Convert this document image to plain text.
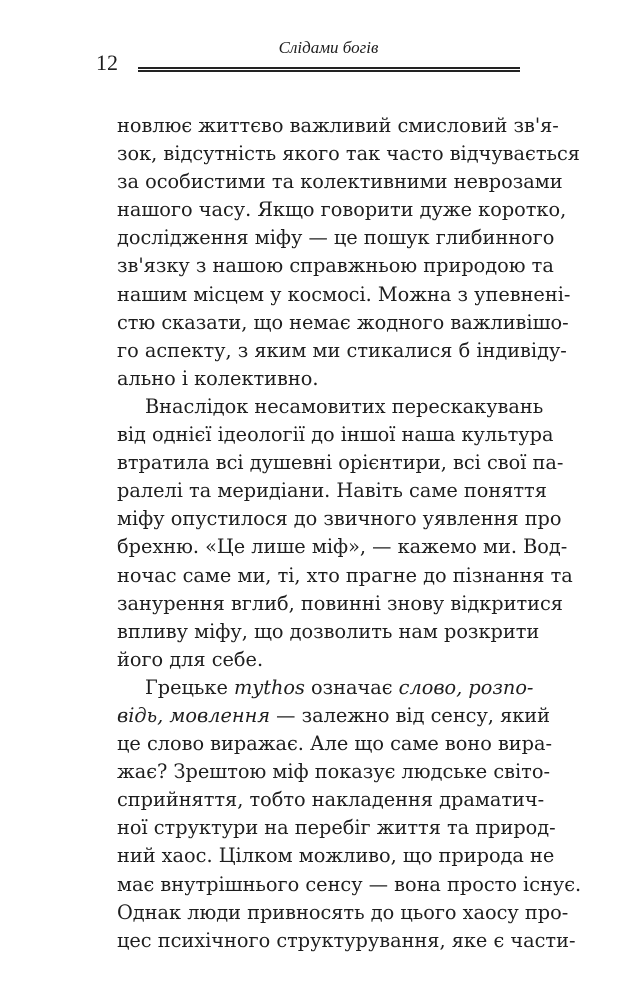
12
Слідами богів
новлює життєво важливий смисловий зв'я-
зок, відсутність якого так часто відчувається
за особистими та колективними неврозами
нашого часу. Якщо говорити дуже коротко,
дослідження міфу — це пошук глибинного
зв'язку з нашою справжньою природою та
нашим місцем у космосі. Можна з упевнені-
стю сказати, що немає жодного важливішо-
го аспекту, з яким ми стикалися б індивіду-
ально і колективно.
Внаслідок несамовитих перескакувань
від однієї ідеології до іншої наша культура
втратила всі душевні орієнтири, всі свої па-
ралелі та меридіани. Навіть саме поняття
міфу опустилося до звичного уявлення про
брехню. «Це лише міф», — кажемо ми. Вод-
ночас саме ми, ті, хто прагне до пізнання та
занурення вглиб, повинні знову відкритися
впливу міфу, що дозволить нам розкрити
його для себе.
Грецьке mythos означає слово, розпо-
відь, мовлення — залежно від сенсу, який
це слово виражає. Але що саме воно вира-
жає? Зрештою міф показує людське світо-
сприйняття, тобто накладення драматич-
ної структури на перебіг життя та природ-
ний хаос. Цілком можливо, що природа не
має внутрішнього сенсу — вона просто існує.
Однак люди привносять до цього хаосу про-
цес психічного структурування, яке є части-
